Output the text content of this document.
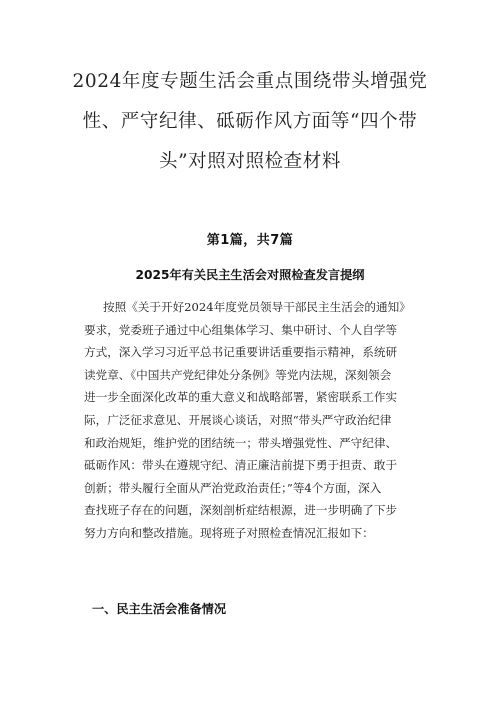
2024年度专题生活会重点围绕带头增强党
性、严守纪律、砥砺作风方面等“四个带
头”对照对照检查材料
第1篇，共7篇
2025年有关民主生活会对照检查发言提纲
按照《关于开好2024年度党员领导干部民主生活会的通知》
要求，党委班子通过中心组集体学习、集中研讨、个人自学等
方式，深入学习习近平总书记重要讲话重要指示精神，系统研
读党章、《中国共产党纪律处分条例》等党内法规，深刻领会
进一步全面深化改革的重大意义和战略部署，紧密联系工作实
际，广泛征求意见、开展谈心谈话，对照“带头严守政治纪律
和政治规矩，维护党的团结统一；带头增强党性、严守纪律、
砥砺作风：带头在遵规守纪、清正廉洁前提下勇于担责、敢于
创新；带头履行全面从严治党政治责任；”等4个方面，深入
查找班子存在的问题，深刻剖析症结根源，进一步明确了下步
努力方向和整改措施。现将班子对照检查情况汇报如下：
一、民主生活会准备情况
